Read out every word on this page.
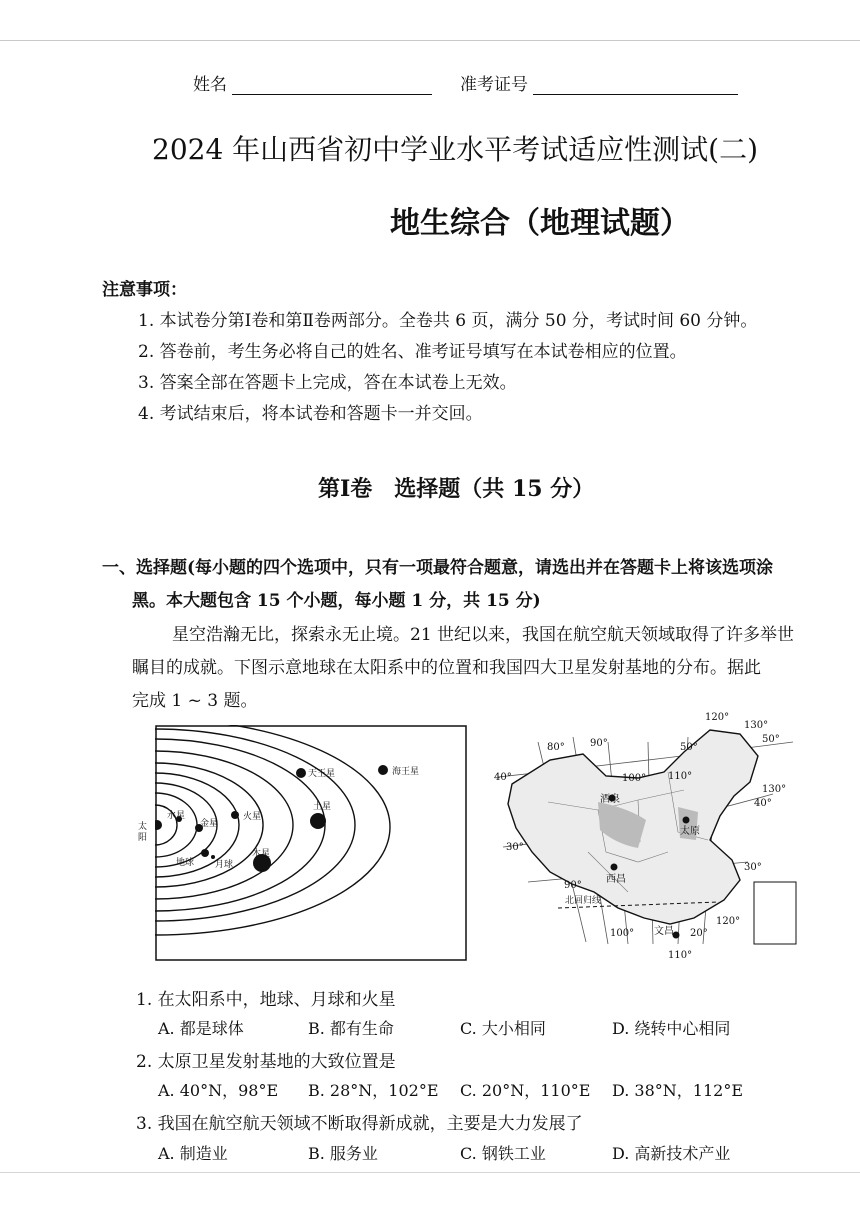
姓名	准考证号
2024 年山西省初中学业水平考试适应性测试(二)
地生综合（地理试题）
注意事项：
1. 本试卷分第Ⅰ卷和第Ⅱ卷两部分。全卷共 6 页，满分 50 分，考试时间 60 分钟。
2. 答卷前，考生务必将自己的姓名、准考证号填写在本试卷相应的位置。
3. 答案全部在答题卡上完成，答在本试卷上无效。
4. 考试结束后，将本试卷和答题卡一并交回。
第Ⅰ卷　选择题（共 15 分）
一、选择题(每小题的四个选项中，只有一项最符合题意，请选出并在答题卡上将该选项涂
黑。本大题包含 15 个小题，每小题 1 分，共 15 分)
星空浩瀚无比，探索永无止境。21 世纪以来，我国在航空航天领域取得了许多举世
瞩目的成就。下图示意地球在太阳系中的位置和我国四大卫星发射基地的分布。据此
完成 1 ~ 3 题。
太阳
水星
金星
地球 月球
火星
木星
土星
天王星	海王星
酒泉
太原
西昌
文昌
北回归线
120°
130°
80°	90°	50°
50°
40°	100° 110°
130°
40°
30°
30°
90°
20°
120°
100°
110°
1. 在太阳系中，地球、月球和火星
A. 都是球体	B. 都有生命	C. 大小相同	D. 绕转中心相同
2. 太原卫星发射基地的大致位置是
A. 40°N，98°E B. 28°N，102°E C. 20°N，110°E D. 38°N，112°E
3. 我国在航空航天领域不断取得新成就，主要是大力发展了
A. 制造业	B. 服务业	C. 钢铁工业	D. 高新技术产业
